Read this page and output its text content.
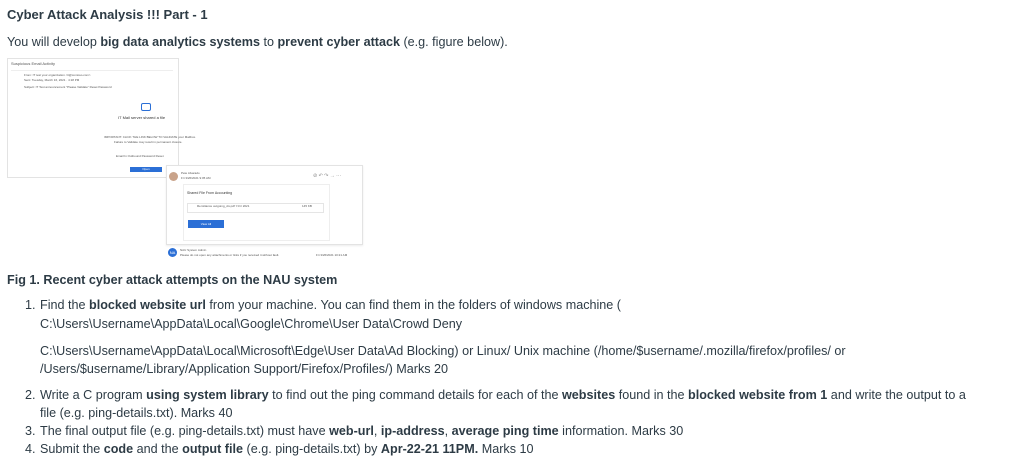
Cyber Attack Analysis !!! Part - 1
You will develop big data analytics systems to prevent cyber attack (e.g. figure below).
Suspicious Email Activity
From: IT test your organization <it@contoso.com>
Sent: Tuesday, March 16, 2021 · 4:18 PM
Subject: IT Test announcement "Please Validate" Reset Password
IT Mail server shared a file
IMPORTANT: CLICK THE LINK BELOW TO VALIDATE your Mailbox.
Failure to Validate may result in permanent closure.
Email In Outbound Password Reset
Open
Pete Alvarado
Fri 3/26/2021 9:05 AM	⊘ ↶ ↷ → ···
Shared File From Accounting
Remittance outgoing_xls.pdf Y-Fri 2021	145 KB
View All
NA	NAU System Admin
Please do not open any attachments or links if you received it without fault.	Fri 3/26/2021 10:21 AM
Fig 1. Recent cyber attack attempts on the NAU system
1. Find the blocked website url from your machine. You can find them in the folders of windows machine (
C:\Users\Username\AppData\Local\Google\Chrome\User Data\Crowd Deny
C:\Users\Username\AppData\Local\Microsoft\Edge\User Data\Ad Blocking) or Linux/ Unix machine (/home/$username/.mozilla/firefox/profiles/ or
/Users/$username/Library/Application Support/Firefox/Profiles/) Marks 20
2. Write a C program using system library to find out the ping command details for each of the websites found in the blocked website from 1 and write the output to a
file (e.g. ping-details.txt). Marks 40
3. The final output file (e.g. ping-details.txt) must have web-url, ip-address, average ping time information. Marks 30
4. Submit the code and the output file (e.g. ping-details.txt) by Apr-22-21 11PM. Marks 10
